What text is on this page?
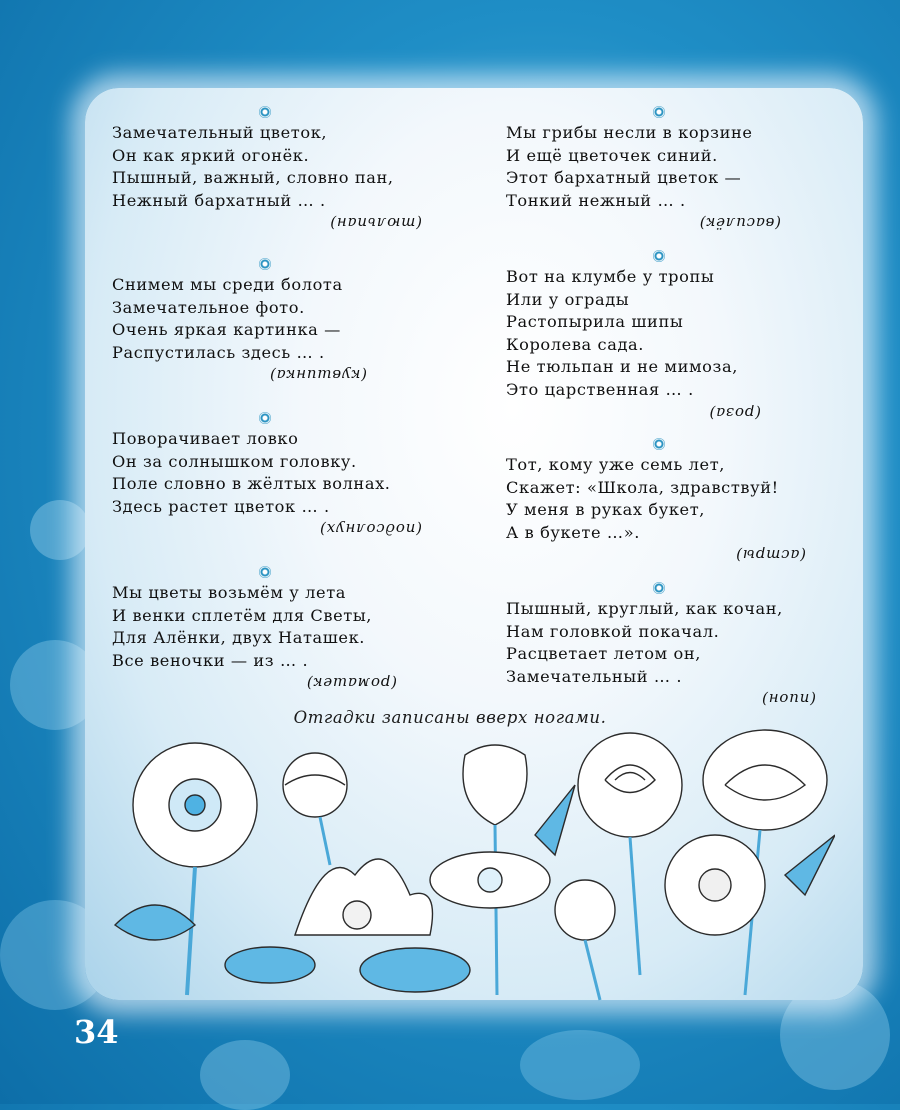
Замечательный цветок,
Он как яркий огонёк.
Пышный, важный, словно пан,
Нежный бархатный … .
(тюльпан)
Снимем мы среди болота
Замечательное фото.
Очень яркая картинка —
Распустилась здесь … .
(кувшинка)
Поворачивает ловко
Он за солнышком головку.
Поле словно в жёлтых волнах.
Здесь растет цветок … .
(подсолнух)
Мы цветы возьмём у лета
И венки сплетём для Светы,
Для Алёнки, двух Наташек.
Все веночки — из … .
(ромашек)
Мы грибы несли в корзине
И ещё цветочек синий.
Этот бархатный цветок —
Тонкий нежный … .
(василёк)
Вот на клумбе у тропы
Или у ограды
Растопырила шипы
Королева сада.
Не тюльпан и не мимоза,
Это царственная … .
(роза)
Тот, кому уже семь лет,
Скажет: «Школа, здравствуй!
У меня в руках букет,
А в букете …».
(астры)
Пышный, круглый, как кочан,
Нам головкой покачал.
Расцветает летом он,
Замечательный … .
(пион)
Отгадки записаны вверх ногами.
34
